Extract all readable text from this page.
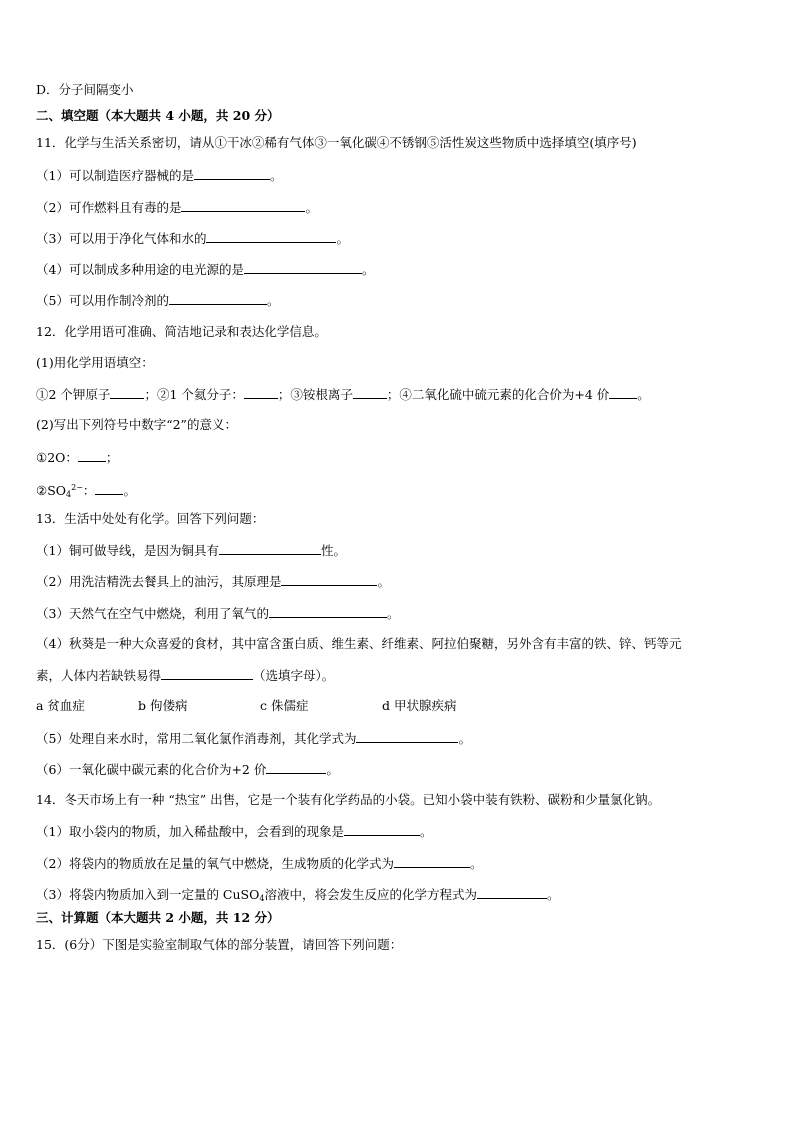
D．分子间隔变小
二、填空题（本大题共 4 小题，共 20 分）
11．化学与生活关系密切，请从①干冰②稀有气体③一氧化碳④不锈钢⑤活性炭这些物质中选择填空(填序号)
（1）可以制造医疗器械的是	。
（2）可作燃料且有毒的是	。
（3）可以用于净化气体和水的	。
（4）可以制成多种用途的电光源的是	。
（5）可以用作制冷剂的	。
12．化学用语可准确、简洁地记录和表达化学信息。
(1)用化学用语填空：
①2 个钾原子	；②1 个氦分子：	；③铵根离子	；④二氧化硫中硫元素的化合价为+4 价 。
(2)写出下列符号中数字“2”的意义：
①2O： ；
$②SO_4^{2-}$： 。
13．生活中处处有化学。回答下列问题：
（1）铜可做导线，是因为铜具有	性。
（2）用洗洁精洗去餐具上的油污，其原理是	。
（3）天然气在空气中燃烧，利用了氧气的	。
（4）秋葵是一种大众喜爱的食材，其中富含蛋白质、维生素、纤维素、阿拉伯聚糖，另外含有丰富的铁、锌、钙等元
素，人体内若缺铁易得	（选填字母）。
a 贫血症	b 佝偻病	c 侏儒症	d 甲状腺疾病
（5）处理自来水时，常用二氧化氯作消毒剂，其化学式为	。
（6）一氧化碳中碳元素的化合价为+2 价	。
14．冬天市场上有一种 “热宝” 出售，它是一个装有化学药品的小袋。已知小袋中装有铁粉、碳粉和少量氯化钠。
（1）取小袋内的物质，加入稀盐酸中，会看到的现象是	。
（2）将袋内的物质放在足量的氧气中燃烧，生成物质的化学式为	。
（3）将袋内物质加入到一定量的 CuSO$_4$溶液中，将会发生反应的化学方程式为	。
三、计算题（本大题共 2 小题，共 12 分）
15．(6分）下图是实验室制取气体的部分装置，请回答下列问题：
